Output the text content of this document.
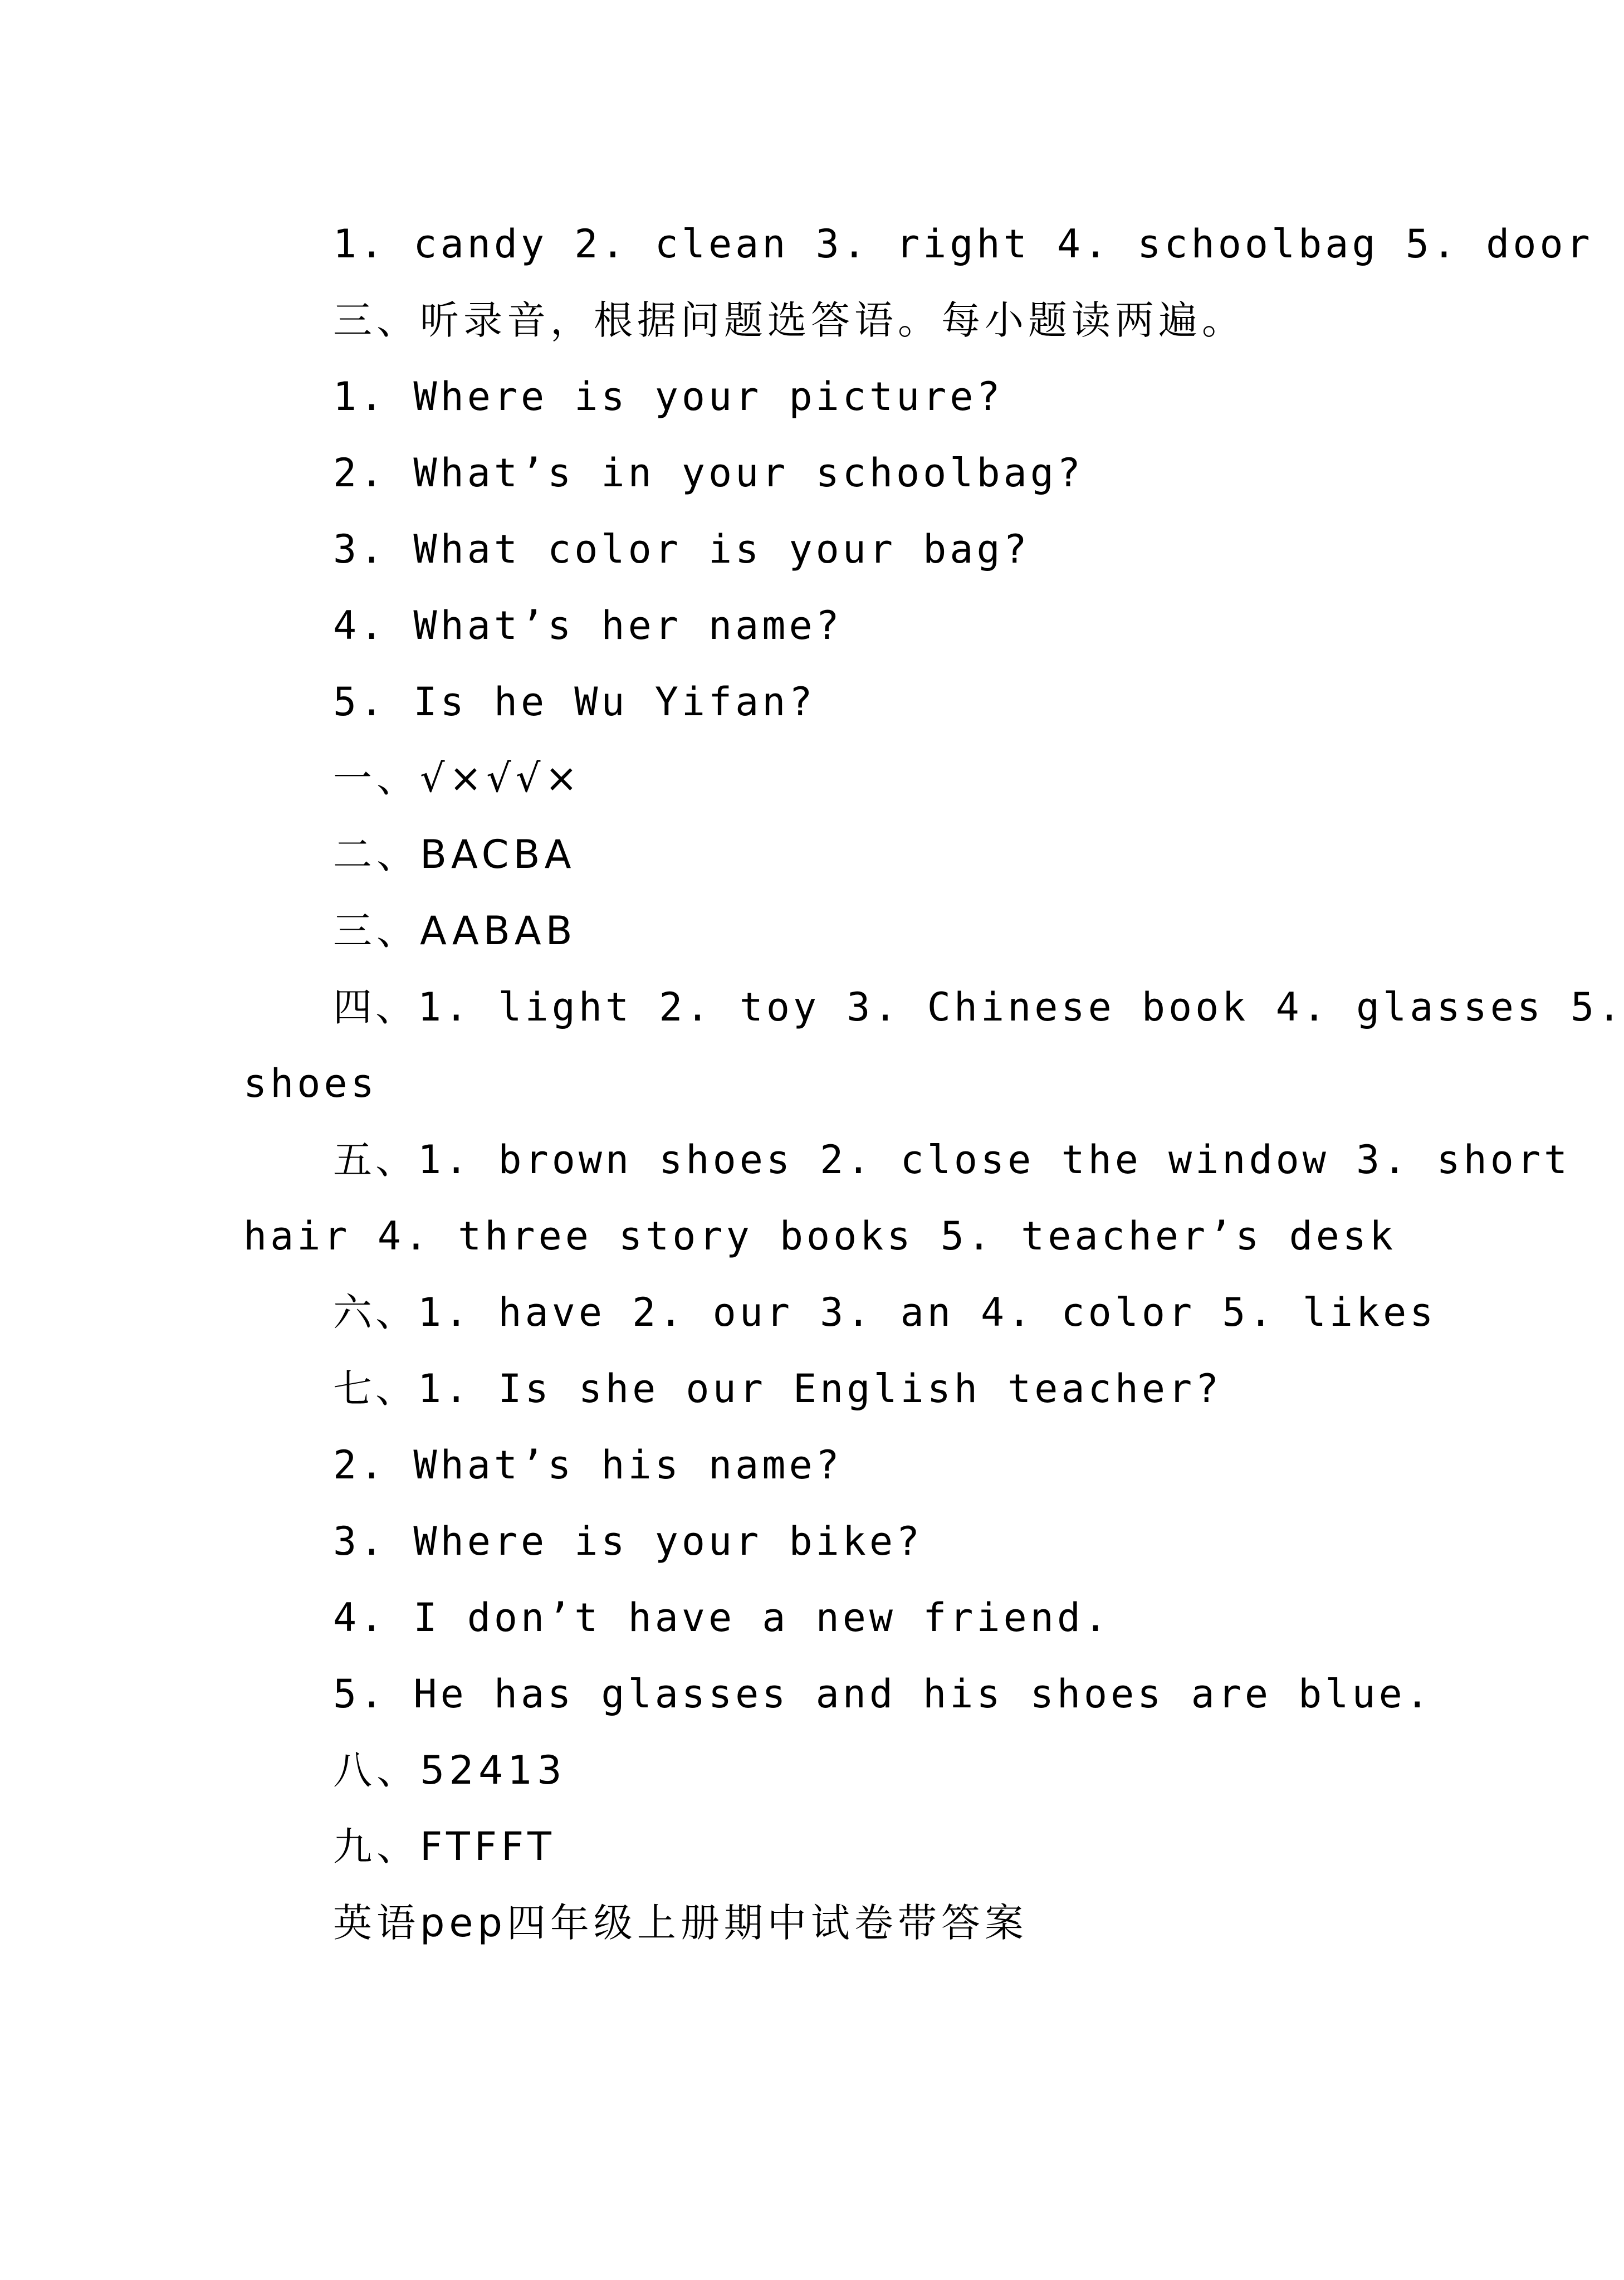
1. candy 2. clean 3. right 4. schoolbag 5. door
三、听录音，根据问题选答语。每小题读两遍。
1. Where is your picture?
2. What’s in your schoolbag?
3. What color is your bag?
4. What’s her name?
5. Is he Wu Yifan?
一、√×√√×
二、BACBA
三、AABAB
四、1. light 2. toy 3. Chinese book 4. glasses 5.
shoes
五、1. brown shoes 2. close the window 3. short
hair 4. three story books 5. teacher’s desk
六、1. have 2. our 3. an 4. color 5. likes
七、1. Is she our English teacher?
2. What’s his name?
3. Where is your bike?
4. I don’t have a new friend.
5. He has glasses and his shoes are blue.
八、52413
九、FTFFT
英语pep四年级上册期中试卷带答案
